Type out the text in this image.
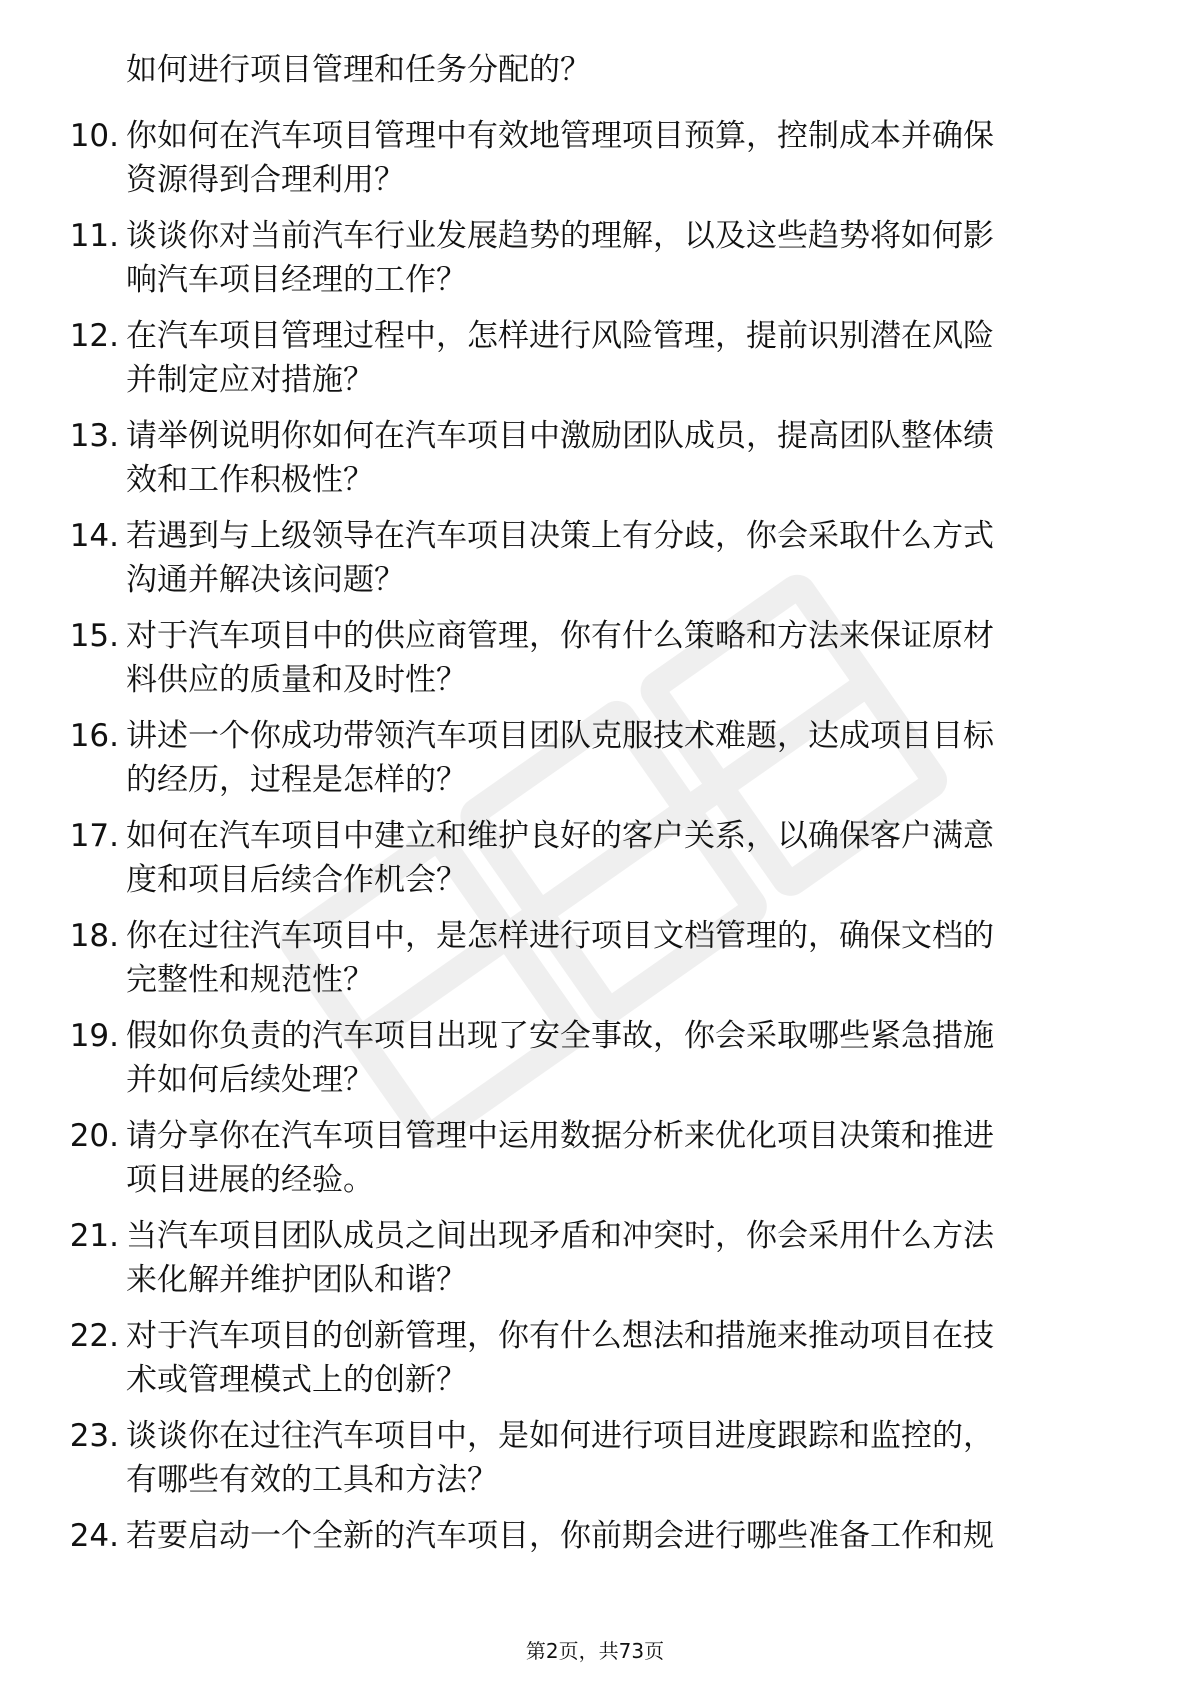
如何进行项目管理和任务分配的？
10. 你如何在汽车项目管理中有效地管理项目预算，控制成本并确保
资源得到合理利用？
11. 谈谈你对当前汽车行业发展趋势的理解，以及这些趋势将如何影
响汽车项目经理的工作？
12. 在汽车项目管理过程中，怎样进行风险管理，提前识别潜在风险
并制定应对措施？
13. 请举例说明你如何在汽车项目中激励团队成员，提高团队整体绩
效和工作积极性？
14. 若遇到与上级领导在汽车项目决策上有分歧，你会采取什么方式
沟通并解决该问题？
15. 对于汽车项目中的供应商管理，你有什么策略和方法来保证原材
料供应的质量和及时性？
16. 讲述一个你成功带领汽车项目团队克服技术难题，达成项目目标
的经历，过程是怎样的？
17. 如何在汽车项目中建立和维护良好的客户关系，以确保客户满意
度和项目后续合作机会？
18. 你在过往汽车项目中，是怎样进行项目文档管理的，确保文档的
完整性和规范性？
19. 假如你负责的汽车项目出现了安全事故，你会采取哪些紧急措施
并如何后续处理？
20. 请分享你在汽车项目管理中运用数据分析来优化项目决策和推进
项目进展的经验。
21. 当汽车项目团队成员之间出现矛盾和冲突时，你会采用什么方法
来化解并维护团队和谐？
22. 对于汽车项目的创新管理，你有什么想法和措施来推动项目在技
术或管理模式上的创新？
23. 谈谈你在过往汽车项目中，是如何进行项目进度跟踪和监控的，
有哪些有效的工具和方法？
24. 若要启动一个全新的汽车项目，你前期会进行哪些准备工作和规
第2页，共73页
